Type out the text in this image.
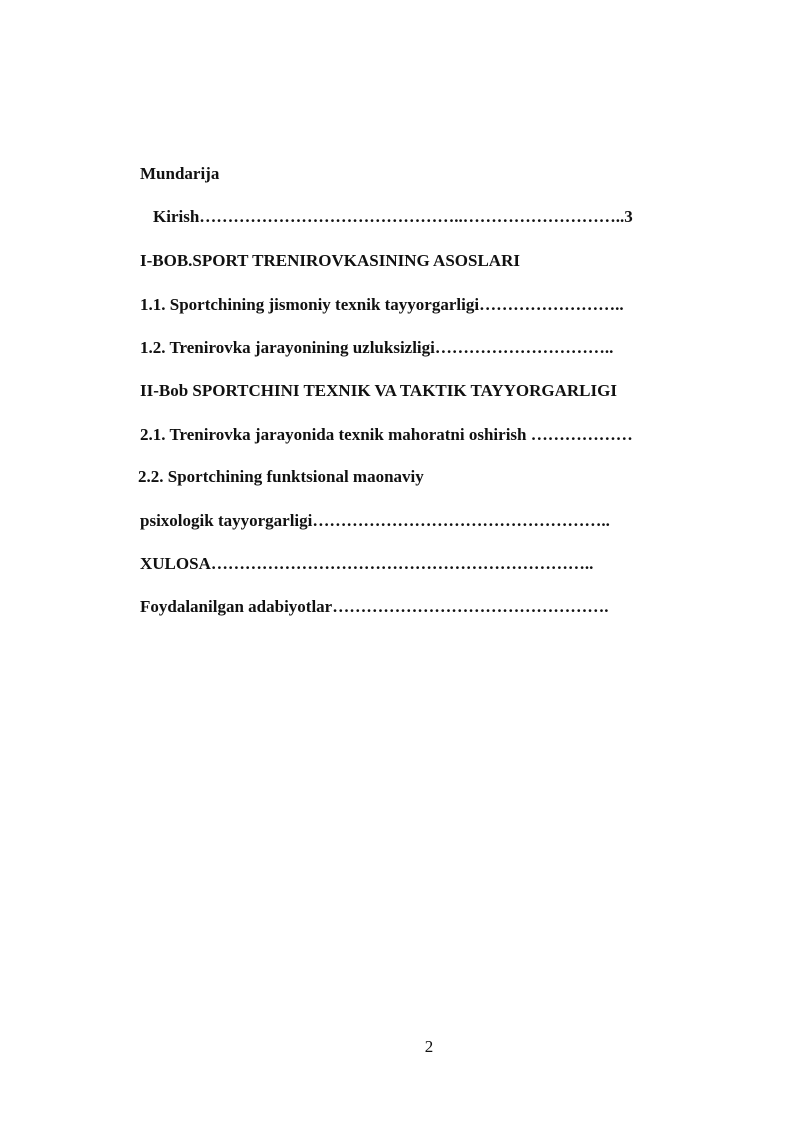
Mundarija
Kirish………………………………………..………………………..3
I-BOB.SPORT TRENIROVKASINING ASOSLARI
1.1. Sportchining jismoniy texnik tayyorgarligi……………………..
1.2. Trenirovka jarayonining uzluksizligi…………………………..
II-Bob SPORTCHINI TEXNIK VA TAKTIK TAYYORGARLIGI
2.1. Trenirovka jarayonida texnik mahoratni oshirish ………………
2.2. Sportchining funktsional maonaviy
psixologik tayyorgarligi……………………………………………..
XULOSA…………………………………………………………..
Foydalanilgan adabiyotlar………………………………………….
2
